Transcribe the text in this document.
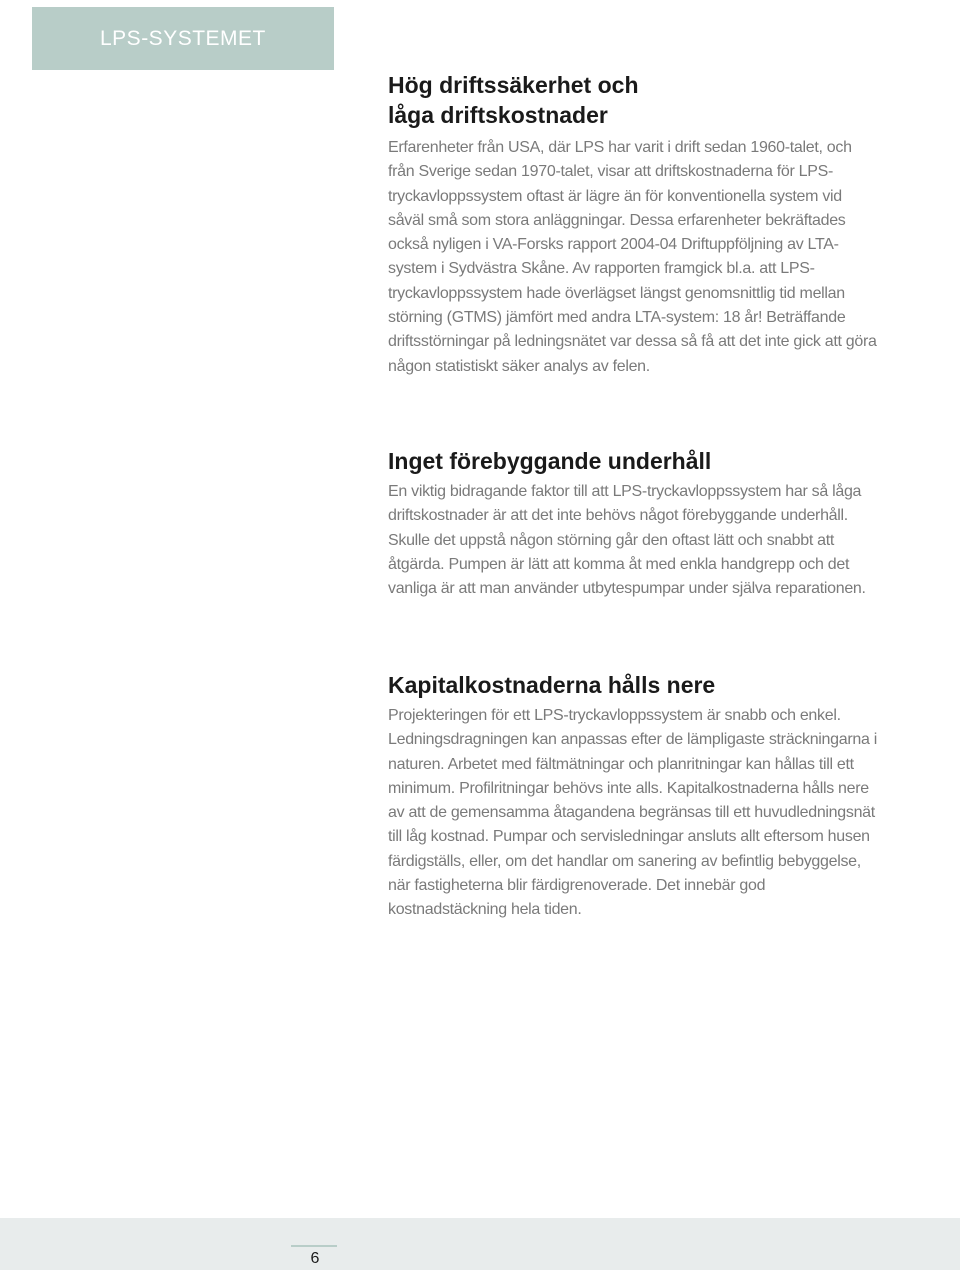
LPS-SYSTEMET
Hög driftssäkerhet och
låga driftskostnader

Erfarenheter från USA, där LPS har varit i drift sedan 1960-talet, och från Sverige sedan 1970-talet, visar att driftskostnaderna för LPS-tryckavloppssystem oftast är lägre än för konventionella system vid såväl små som stora anläggningar. Dessa erfarenheter bekräftades också nyligen i VA-Forsks rapport 2004-04 Driftuppföljning av LTA-system i Sydvästra Skåne. Av rapporten framgick bl.a. att LPS-tryckavloppssystem hade överlägset längst genomsnittlig tid mellan störning (GTMS) jämfört med andra LTA-system: 18 år! Beträffande driftsstörningar på ledningsnätet var dessa så få att det inte gick att göra någon statistiskt säker analys av felen.

Inget förebyggande underhåll

En viktig bidragande faktor till att LPS-tryckavloppssystem har så låga driftskostnader är att det inte behövs något förebyggande underhåll. Skulle det uppstå någon störning går den oftast lätt och snabbt att åtgärda. Pumpen är lätt att komma åt med enkla handgrepp och det vanliga är att man använder utbytespumpar under själva reparationen.

Kapitalkostnaderna hålls nere

Projekteringen för ett LPS-tryckavloppssystem är snabb och enkel. Ledningsdragningen kan anpassas efter de lämpligaste sträckningarna i naturen. Arbetet med fältmätningar och planritningar kan hållas till ett minimum. Profilritningar behövs inte alls. Kapitalkostnaderna hålls nere av att de gemensamma åtagandena begränsas till ett huvudledningsnät till låg kostnad. Pumpar och servisledningar ansluts allt eftersom husen färdigställs, eller, om det handlar om sanering av befintlig bebyggelse, när fastigheterna blir färdigrenoverade. Det innebär god kostnadstäckning hela tiden.

6
